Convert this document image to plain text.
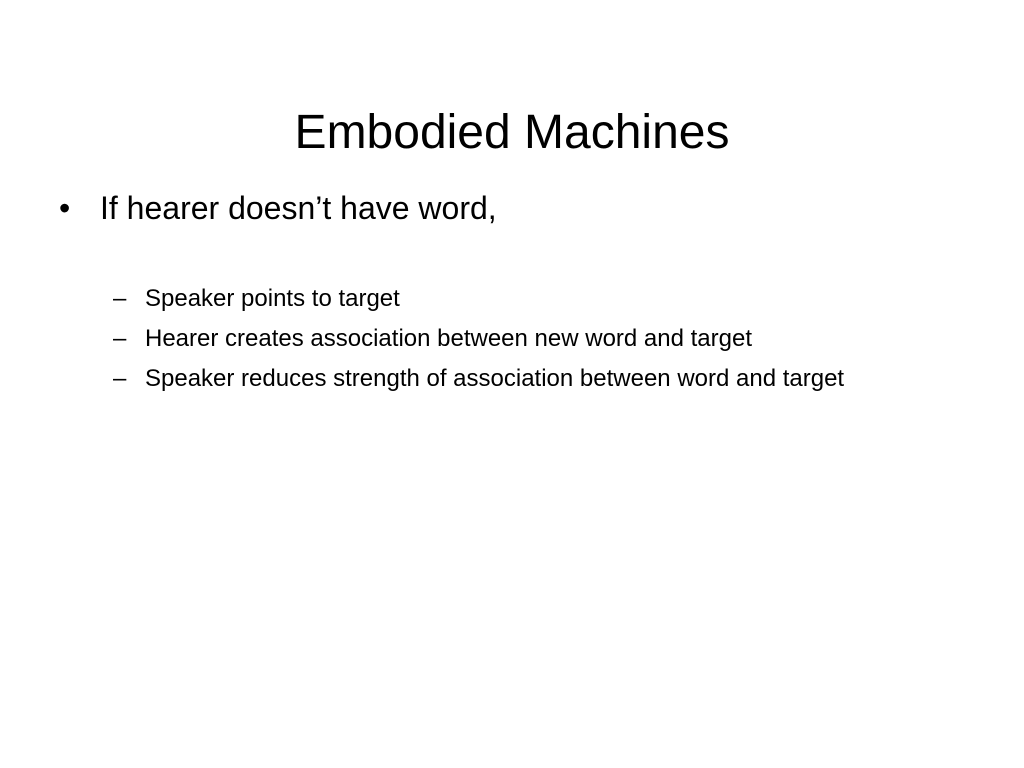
Embodied Machines
• If hearer doesn’t have word,
– Speaker points to target
– Hearer creates association between new word and target
– Speaker reduces strength of association between word and target
